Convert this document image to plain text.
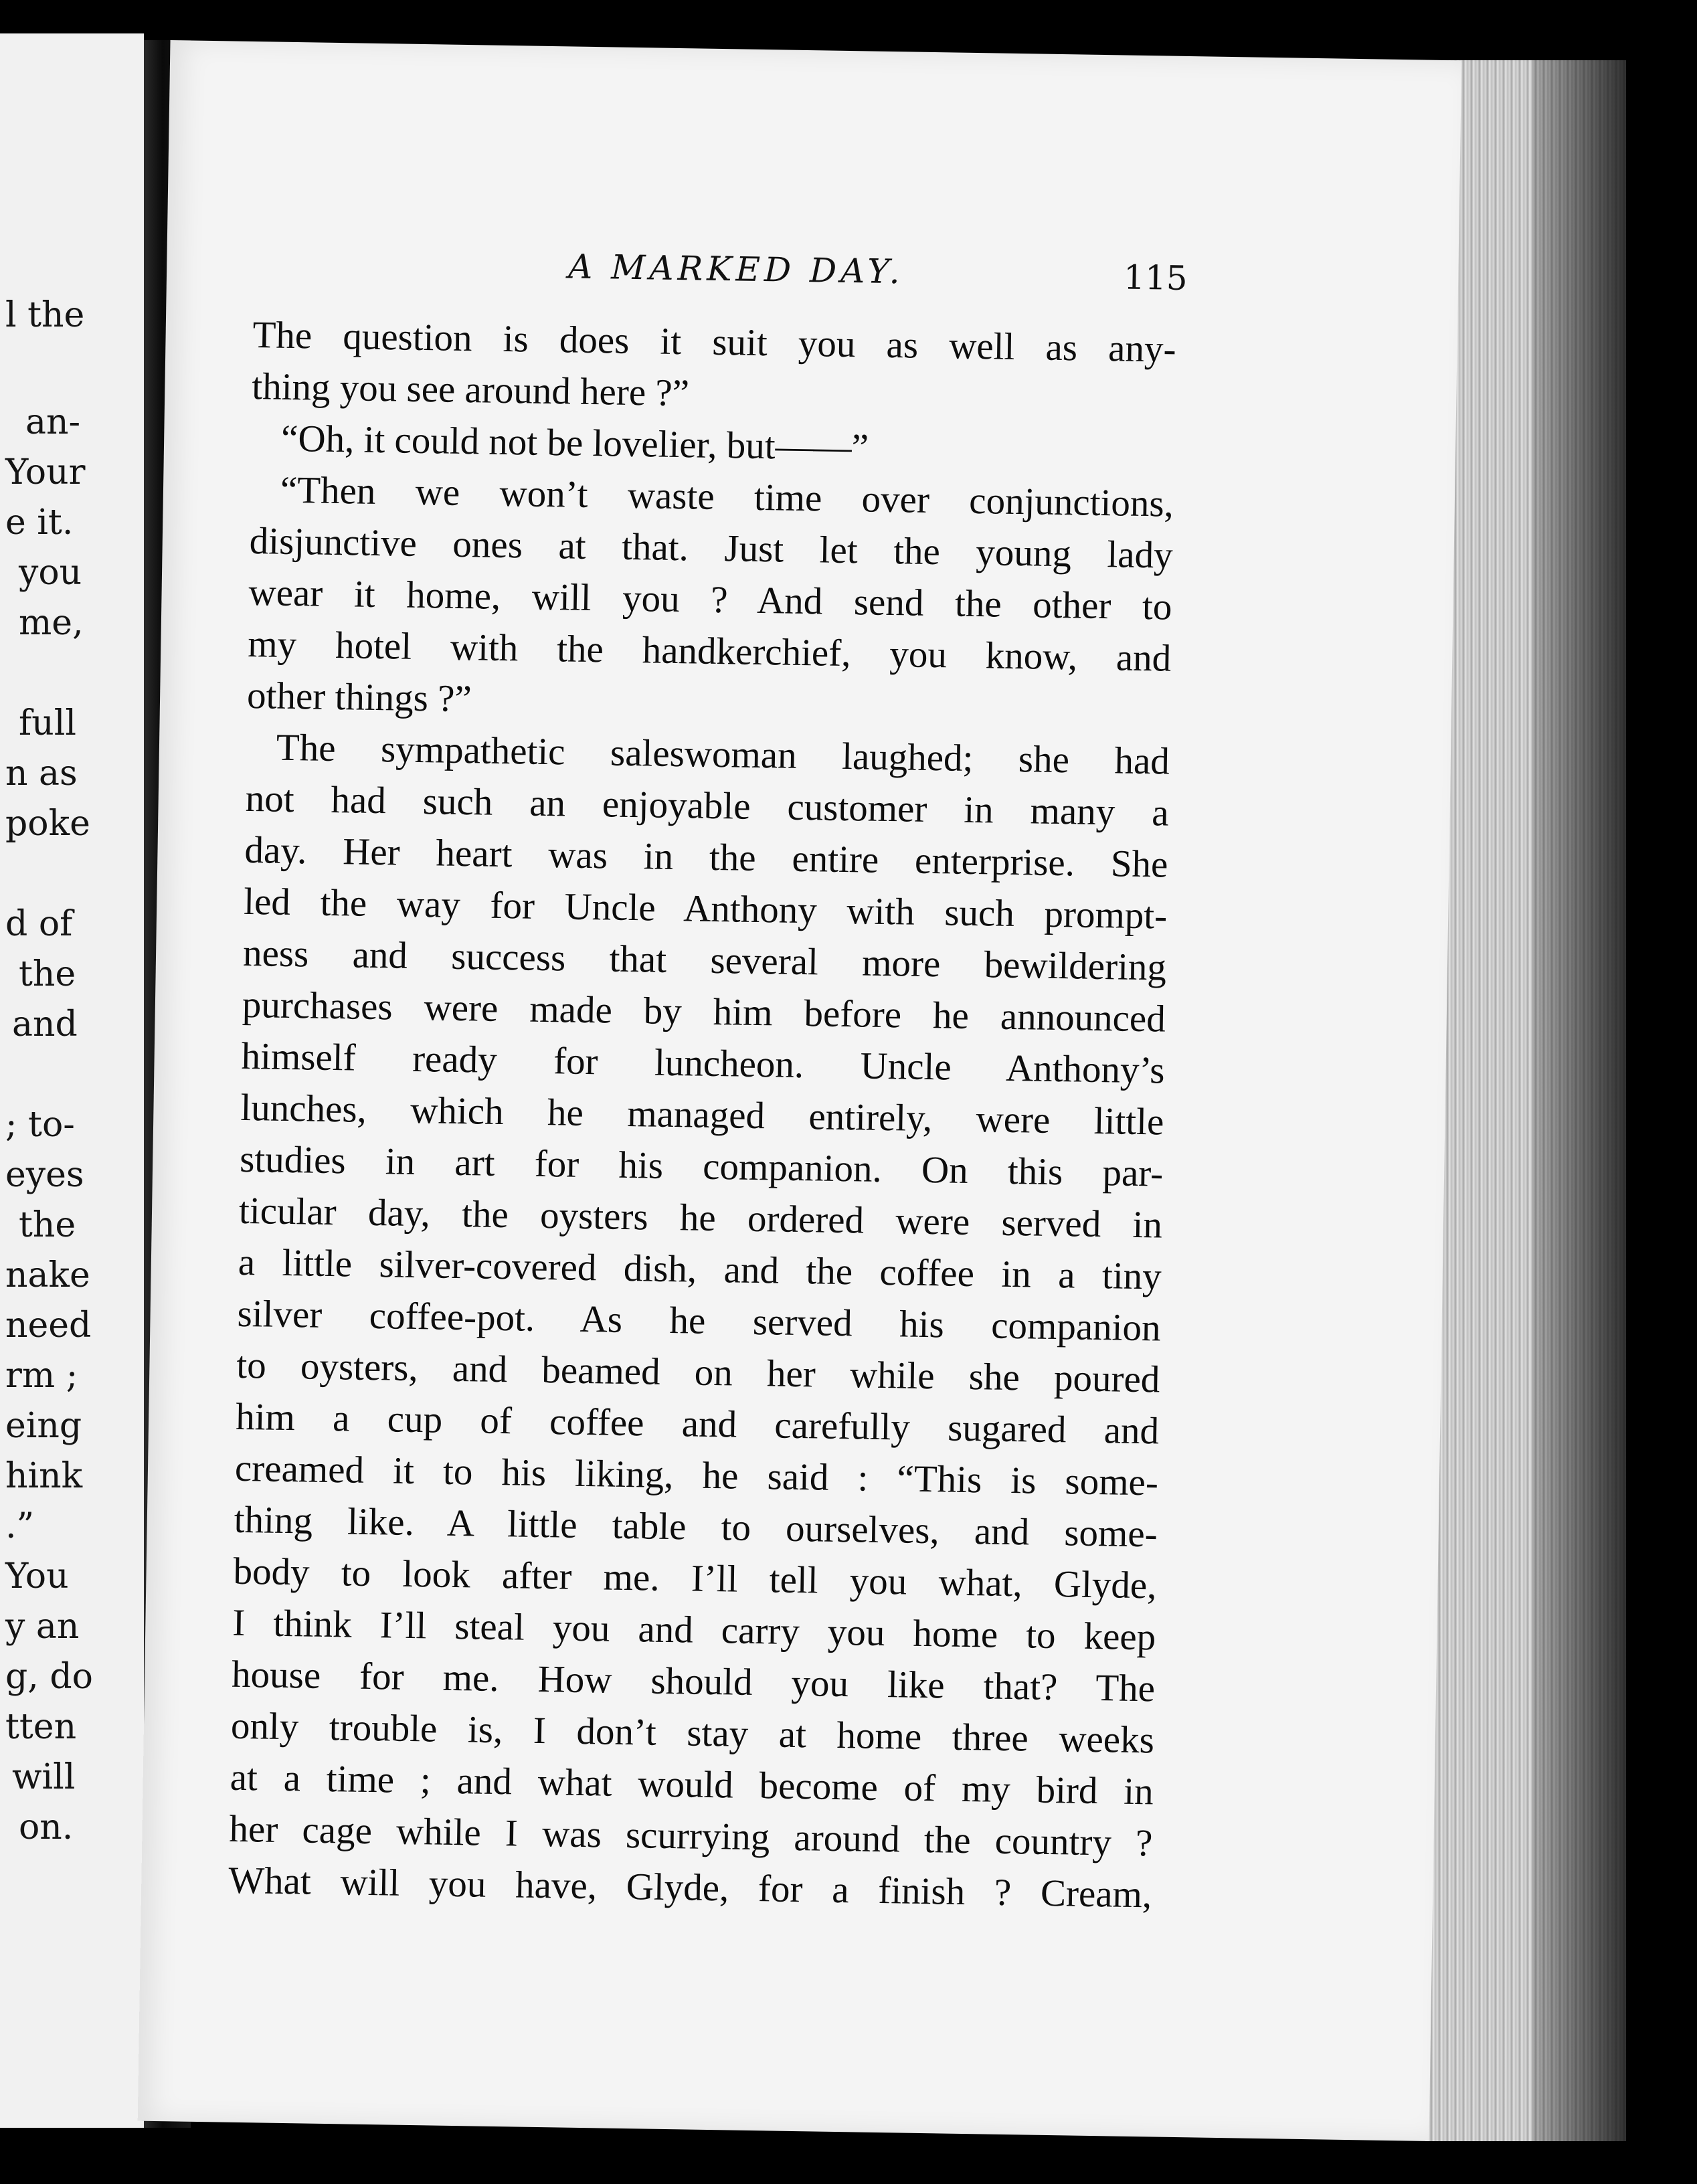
l the
an-
Your
e it.
you
me,
full
n as
poke
d of
the
and
; to-
eyes
the
nake
need
rm ;
eing
hink
.”
You
y an
g, do
tten
will
on.
A MARKED DAY.	115
The question is does it suit you as well as any-
thing you see around here ?”
“Oh, it could not be lovelier, but——”
“Then we won’t waste time over conjunctions,
disjunctive ones at that. Just let the young lady
wear it home, will you ? And send the other to
my hotel with the handkerchief, you know, and
other things ?”
The sympathetic saleswoman laughed; she had
not had such an enjoyable customer in many a
day. Her heart was in the entire enterprise. She
led the way for Uncle Anthony with such prompt-
ness and success that several more bewildering
purchases were made by him before he announced
himself ready for luncheon. Uncle Anthony’s
lunches, which he managed entirely, were little
studies in art for his companion. On this par-
ticular day, the oysters he ordered were served in
a little silver-covered dish, and the coffee in a tiny
silver coffee-pot. As he served his companion
to oysters, and beamed on her while she poured
him a cup of coffee and carefully sugared and
creamed it to his liking, he said : “This is some-
thing like. A little table to ourselves, and some-
body to look after me. I’ll tell you what, Glyde,
I think I’ll steal you and carry you home to keep
house for me. How should you like that? The
only trouble is, I don’t stay at home three weeks
at a time ; and what would become of my bird in
her cage while I was scurrying around the country ?
What will you have, Glyde, for a finish ? Cream,
